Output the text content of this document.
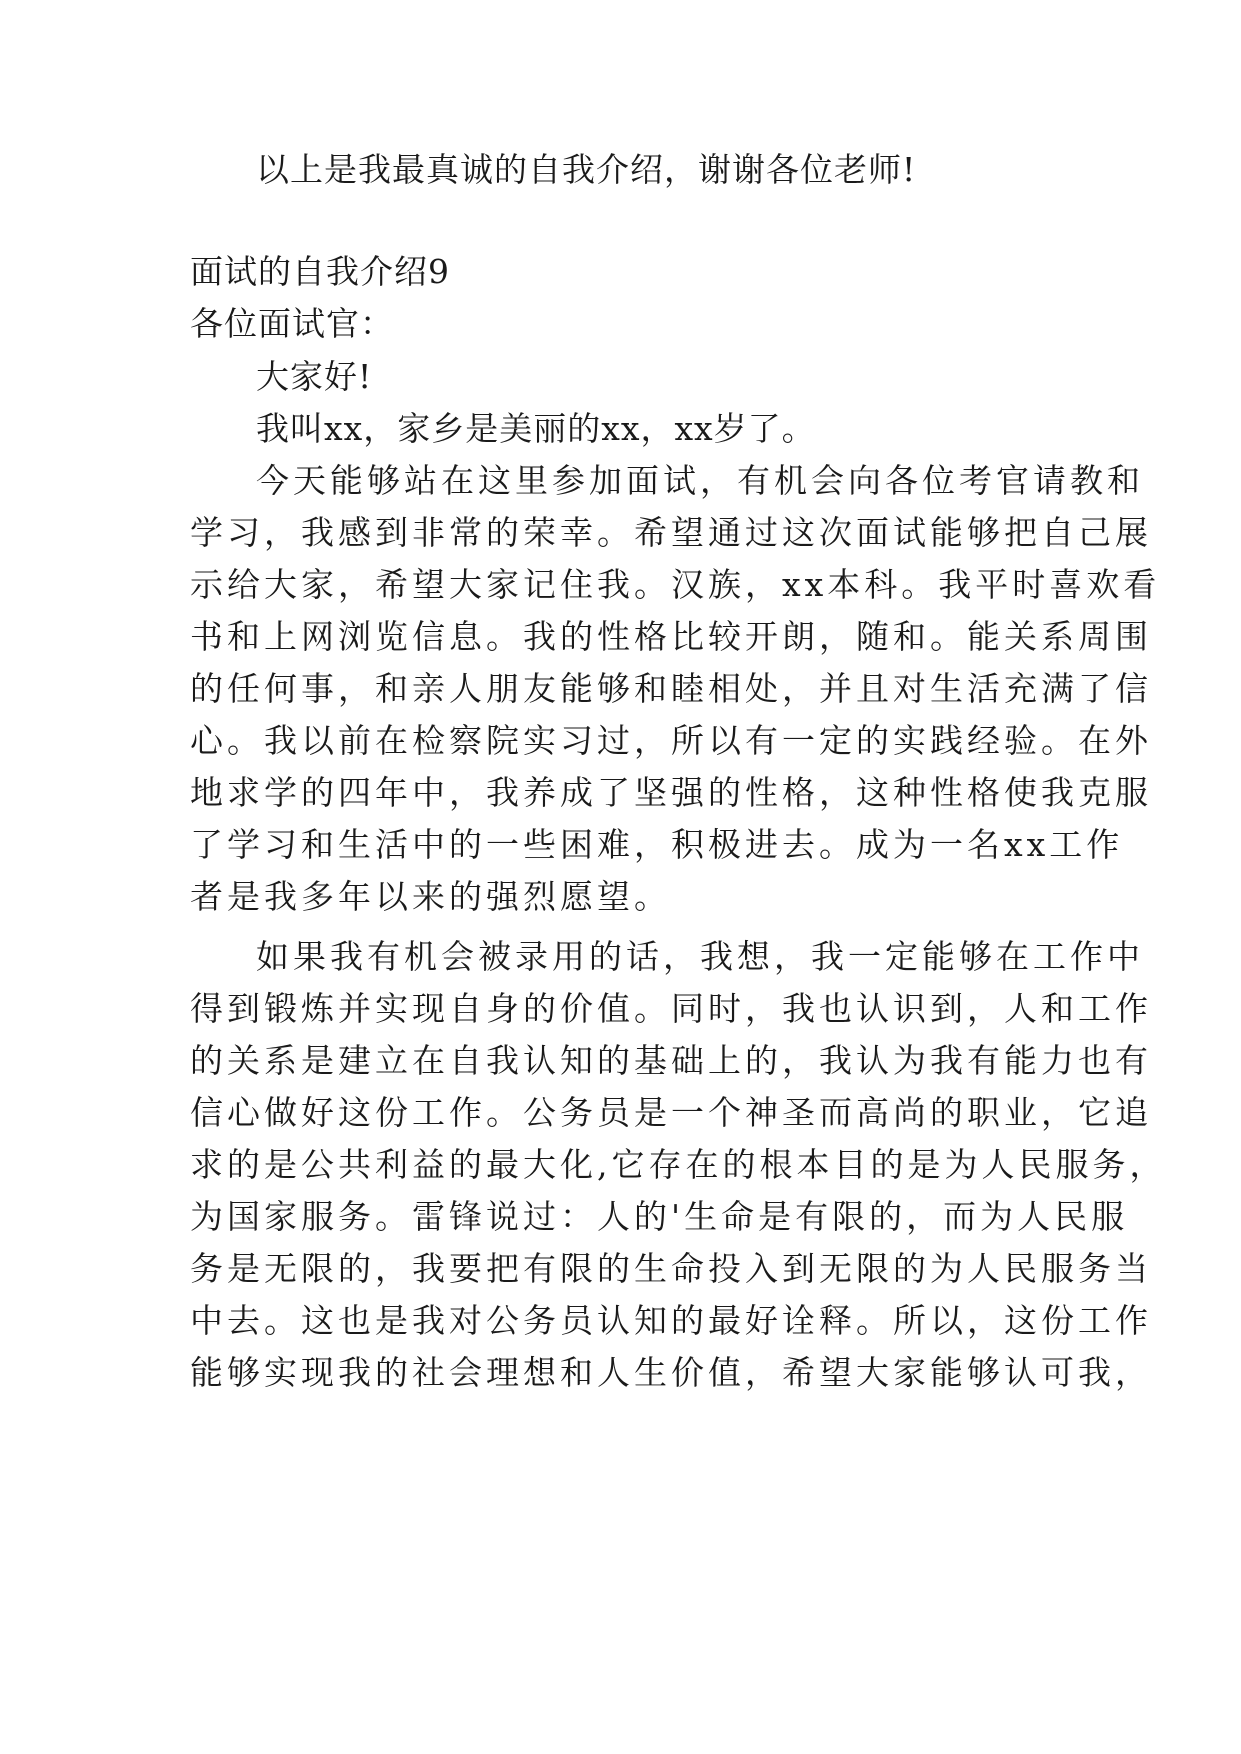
以上是我最真诚的自我介绍，谢谢各位老师!
面试的自我介绍9
各位面试官：
大家好!
我叫xx，家乡是美丽的xx，xx岁了。
今天能够站在这里参加面试，有机会向各位考官请教和
学习，我感到非常的荣幸。希望通过这次面试能够把自己展
示给大家，希望大家记住我。汉族，xx本科。我平时喜欢看
书和上网浏览信息。我的性格比较开朗，随和。能关系周围
的任何事，和亲人朋友能够和睦相处，并且对生活充满了信
心。我以前在检察院实习过，所以有一定的实践经验。在外
地求学的四年中，我养成了坚强的性格，这种性格使我克服
了学习和生活中的一些困难，积极进去。成为一名xx工作
者是我多年以来的强烈愿望。
如果我有机会被录用的话，我想，我一定能够在工作中
得到锻炼并实现自身的价值。同时，我也认识到，人和工作
的关系是建立在自我认知的基础上的，我认为我有能力也有
信心做好这份工作。公务员是一个神圣而高尚的职业，它追
求的是公共利益的最大化,它存在的根本目的是为人民服务，
为国家服务。雷锋说过：人的'生命是有限的，而为人民服
务是无限的，我要把有限的生命投入到无限的为人民服务当
中去。这也是我对公务员认知的最好诠释。所以，这份工作
能够实现我的社会理想和人生价值，希望大家能够认可我，
